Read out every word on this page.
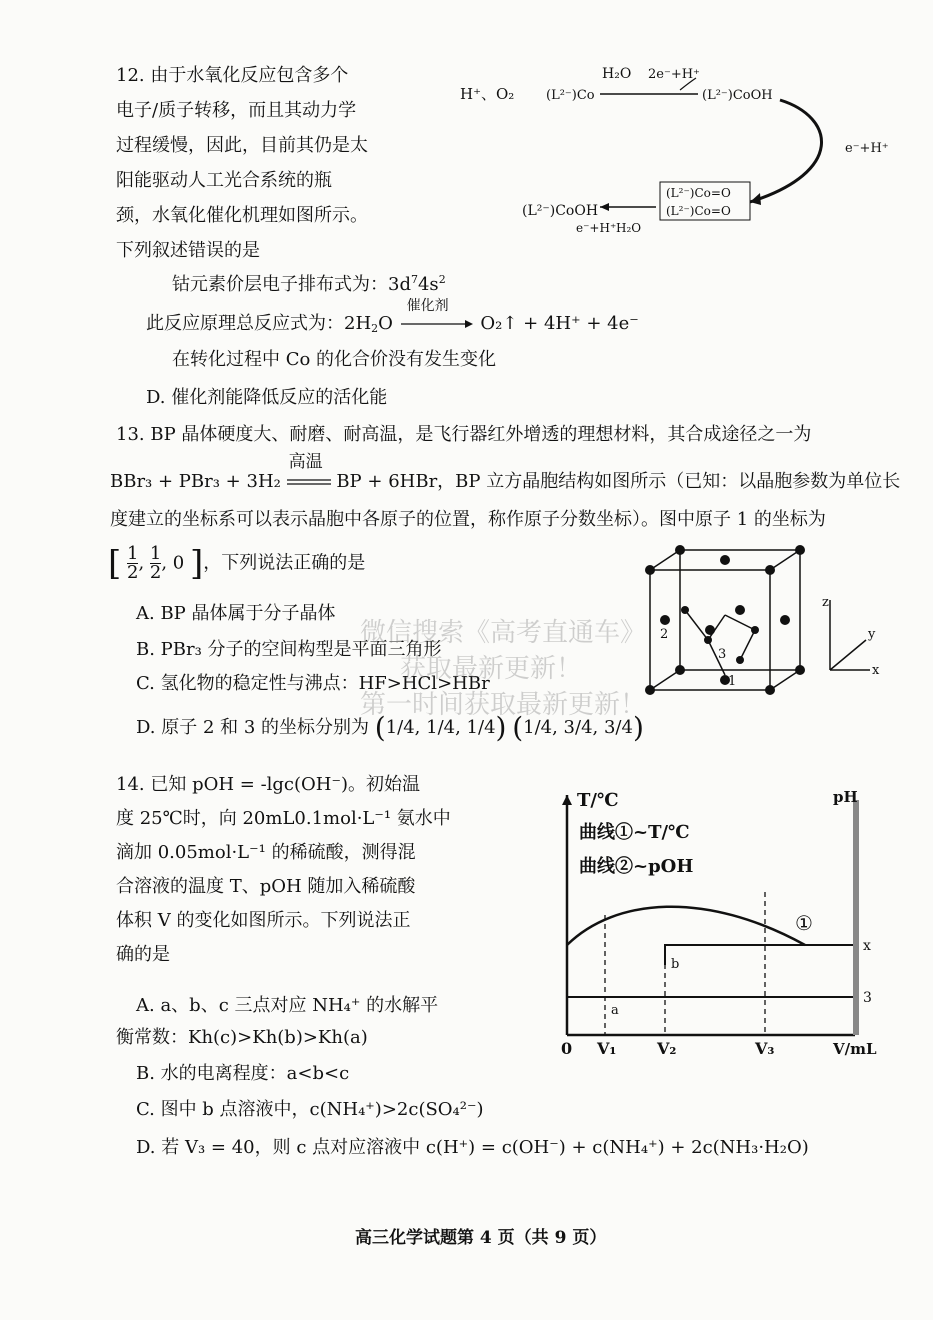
12. 由于水氧化反应包含多个
电子/质子转移，而且其动力学
过程缓慢，因此，目前其仍是太
阳能驱动人工光合系统的瓶
颈，水氧化催化机理如图所示。
下列叙述错误的是
H⁺、O₂ (L²⁻)Co
H₂O 2e⁻+H⁺
(L²⁻)CoOH
e⁻+H⁺
(L²⁻)Co=O
(L²⁻)Co=O
(L²⁻)CoOH
e⁻+H⁺ H₂O
钴元素价层电子排布式为：$3d^74s^2$
此反应原理总反应式为：$2H_2O$
催化剂
O₂↑ + 4H⁺ + 4e⁻
在转化过程中 Co 的化合价没有发生变化
D. 催化剂能降低反应的活化能
13. BP 晶体硬度大、耐磨、耐高温，是飞行器红外增透的理想材料，其合成途径之一为
BBr₃ + PBr₃ + 3H₂
高温
BP + 6HBr，BP 立方晶胞结构如图所示（已知：以晶胞参数为单位长
度建立的坐标系可以表示晶胞中各原子的位置，称作原子分数坐标）。图中原子 1 的坐标为
[ $\frac{1}{2}$ , $\frac{1}{2}$ , 0 ]，下列说法正确的是
A. BP 晶体属于分子晶体
B. PBr₃ 分子的空间构型是平面三角形
C. 氢化物的稳定性与沸点：HF>HCl>HBr
D. 原子 2 和 3 的坐标分别为 (1/4, 1/4, 1/4) (1/4, 3/4, 3/4)
1
2
3
z
y
x
14. 已知 pOH = -lgc(OH⁻)。初始温
度 25℃时，向 20mL0.1mol·L⁻¹ 氨水中
滴加 0.05mol·L⁻¹ 的稀硫酸，测得混
合溶液的温度 T、pOH 随加入稀硫酸
体积 V 的变化如图所示。下列说法正
确的是
A. a、b、c 三点对应 NH₄⁺ 的水解平
衡常数：Kh(c)>Kh(b)>Kh(a)
B. 水的电离程度：a<b<c
C. 图中 b 点溶液中，c(NH₄⁺)>2c(SO₄²⁻)
D. 若 V₃ = 40，则 c 点对应溶液中 c(H⁺) = c(OH⁻) + c(NH₄⁺) + 2c(NH₃·H₂O)
T/℃	pH
曲线①~T/℃
曲线②~pOH
①
a
b
x
3
0 V₁	V₂	V₃	V/mL
微信搜索《高考直通车》
获取最新更新！
第一时间获取最新更新！
高三化学试题第 4 页（共 9 页）
